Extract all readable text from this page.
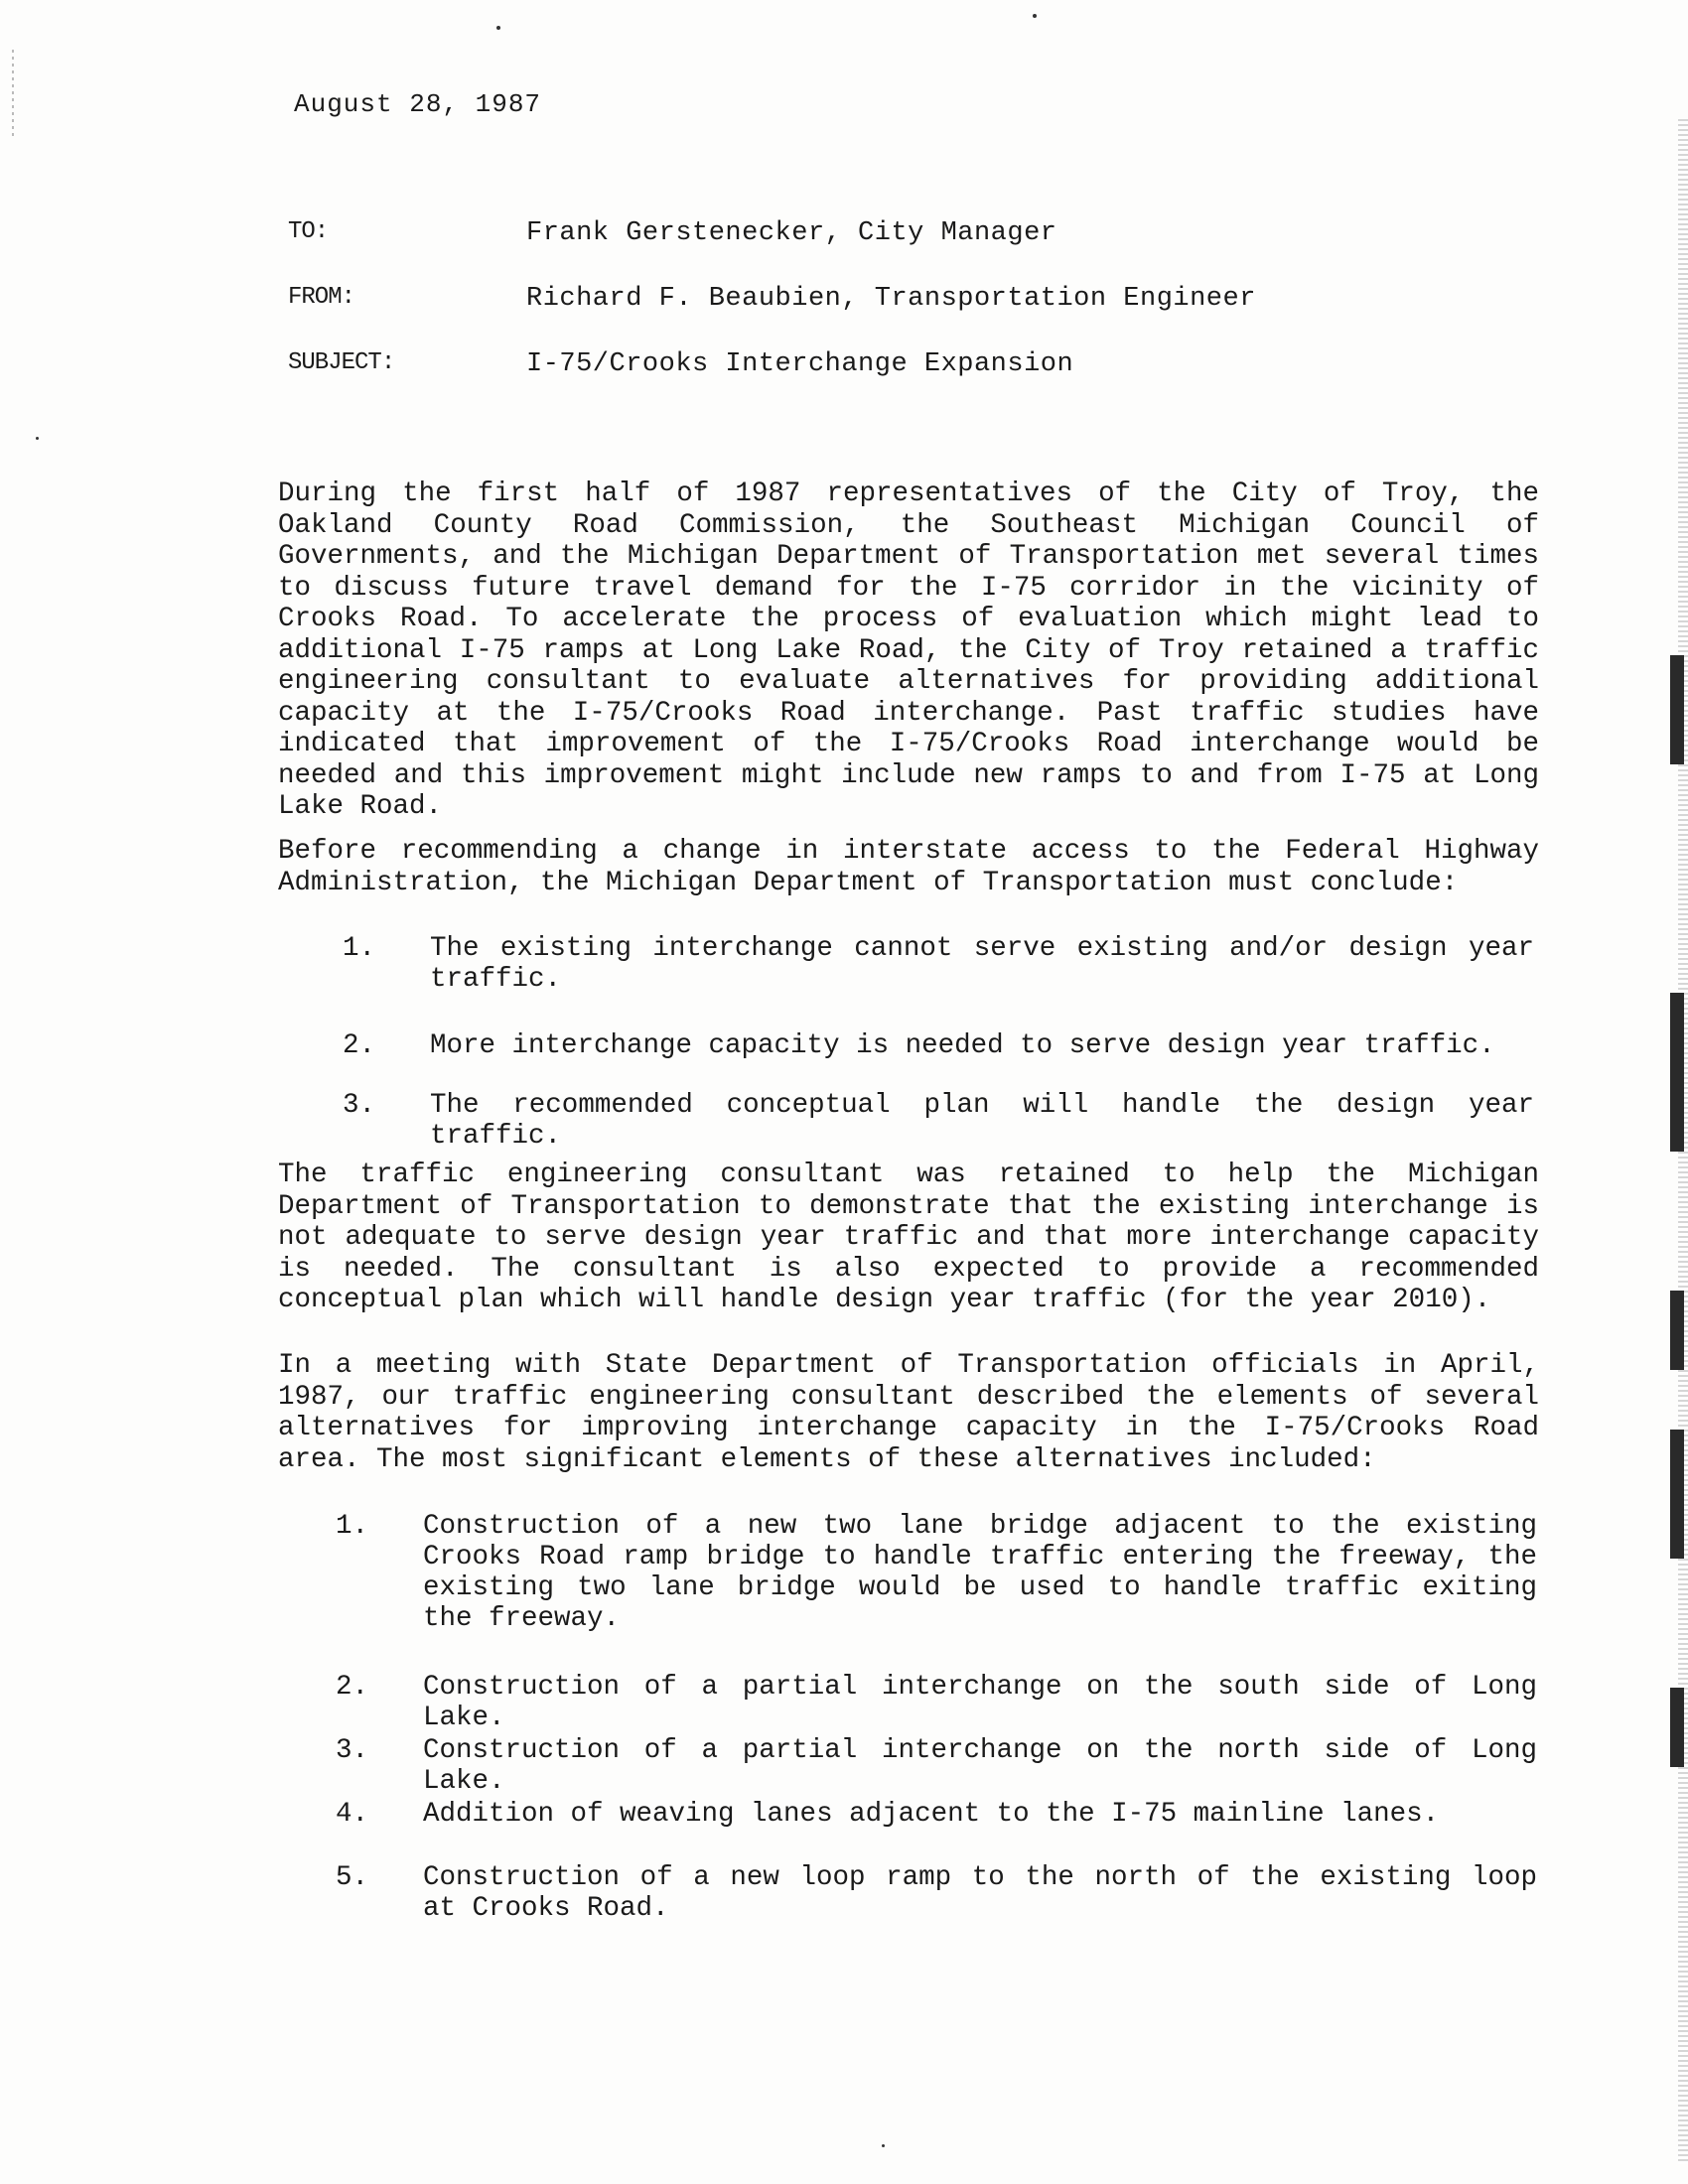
August 28, 1987
TO:	Frank Gerstenecker, City Manager
FROM:	Richard F. Beaubien, Transportation Engineer
SUBJECT:	I-75/Crooks Interchange Expansion
During the first half of 1987 representatives of the City of Troy, the Oakland County Road Commission, the Southeast Michigan Council of Governments, and the Michigan Department of Transportation met several times to discuss future travel demand for the I-75 corridor in the vicinity of Crooks Road. To accelerate the process of evaluation which might lead to additional I-75 ramps at Long Lake Road, the City of Troy retained a traffic engineering consultant to evaluate alternatives for providing additional capacity at the I-75/Crooks Road interchange. Past traffic studies have indicated that improvement of the I-75/Crooks Road interchange would be needed and this improvement might include new ramps to and from I-75 at Long Lake Road.
Before recommending a change in interstate access to the Federal Highway Administration, the Michigan Department of Transportation must conclude:
1.	The existing interchange cannot serve existing and/or design year traffic.
2.	More interchange capacity is needed to serve design year traffic.
3.	The recommended conceptual plan will handle the design year traffic.
The traffic engineering consultant was retained to help the Michigan Department of Transportation to demonstrate that the existing interchange is not adequate to serve design year traffic and that more interchange capacity is needed. The consultant is also expected to provide a recommended conceptual plan which will handle design year traffic (for the year 2010).
In a meeting with State Department of Transportation officials in April, 1987, our traffic engineering consultant described the elements of several alternatives for improving interchange capacity in the I-75/Crooks Road area. The most significant elements of these alternatives included:
1.	Construction of a new two lane bridge adjacent to the existing Crooks Road ramp bridge to handle traffic entering the freeway, the existing two lane bridge would be used to handle traffic exiting the freeway.
2.	Construction of a partial interchange on the south side of Long Lake.
3.	Construction of a partial interchange on the north side of Long Lake.
4.	Addition of weaving lanes adjacent to the I-75 mainline lanes.
5.	Construction of a new loop ramp to the north of the existing loop at Crooks Road.
